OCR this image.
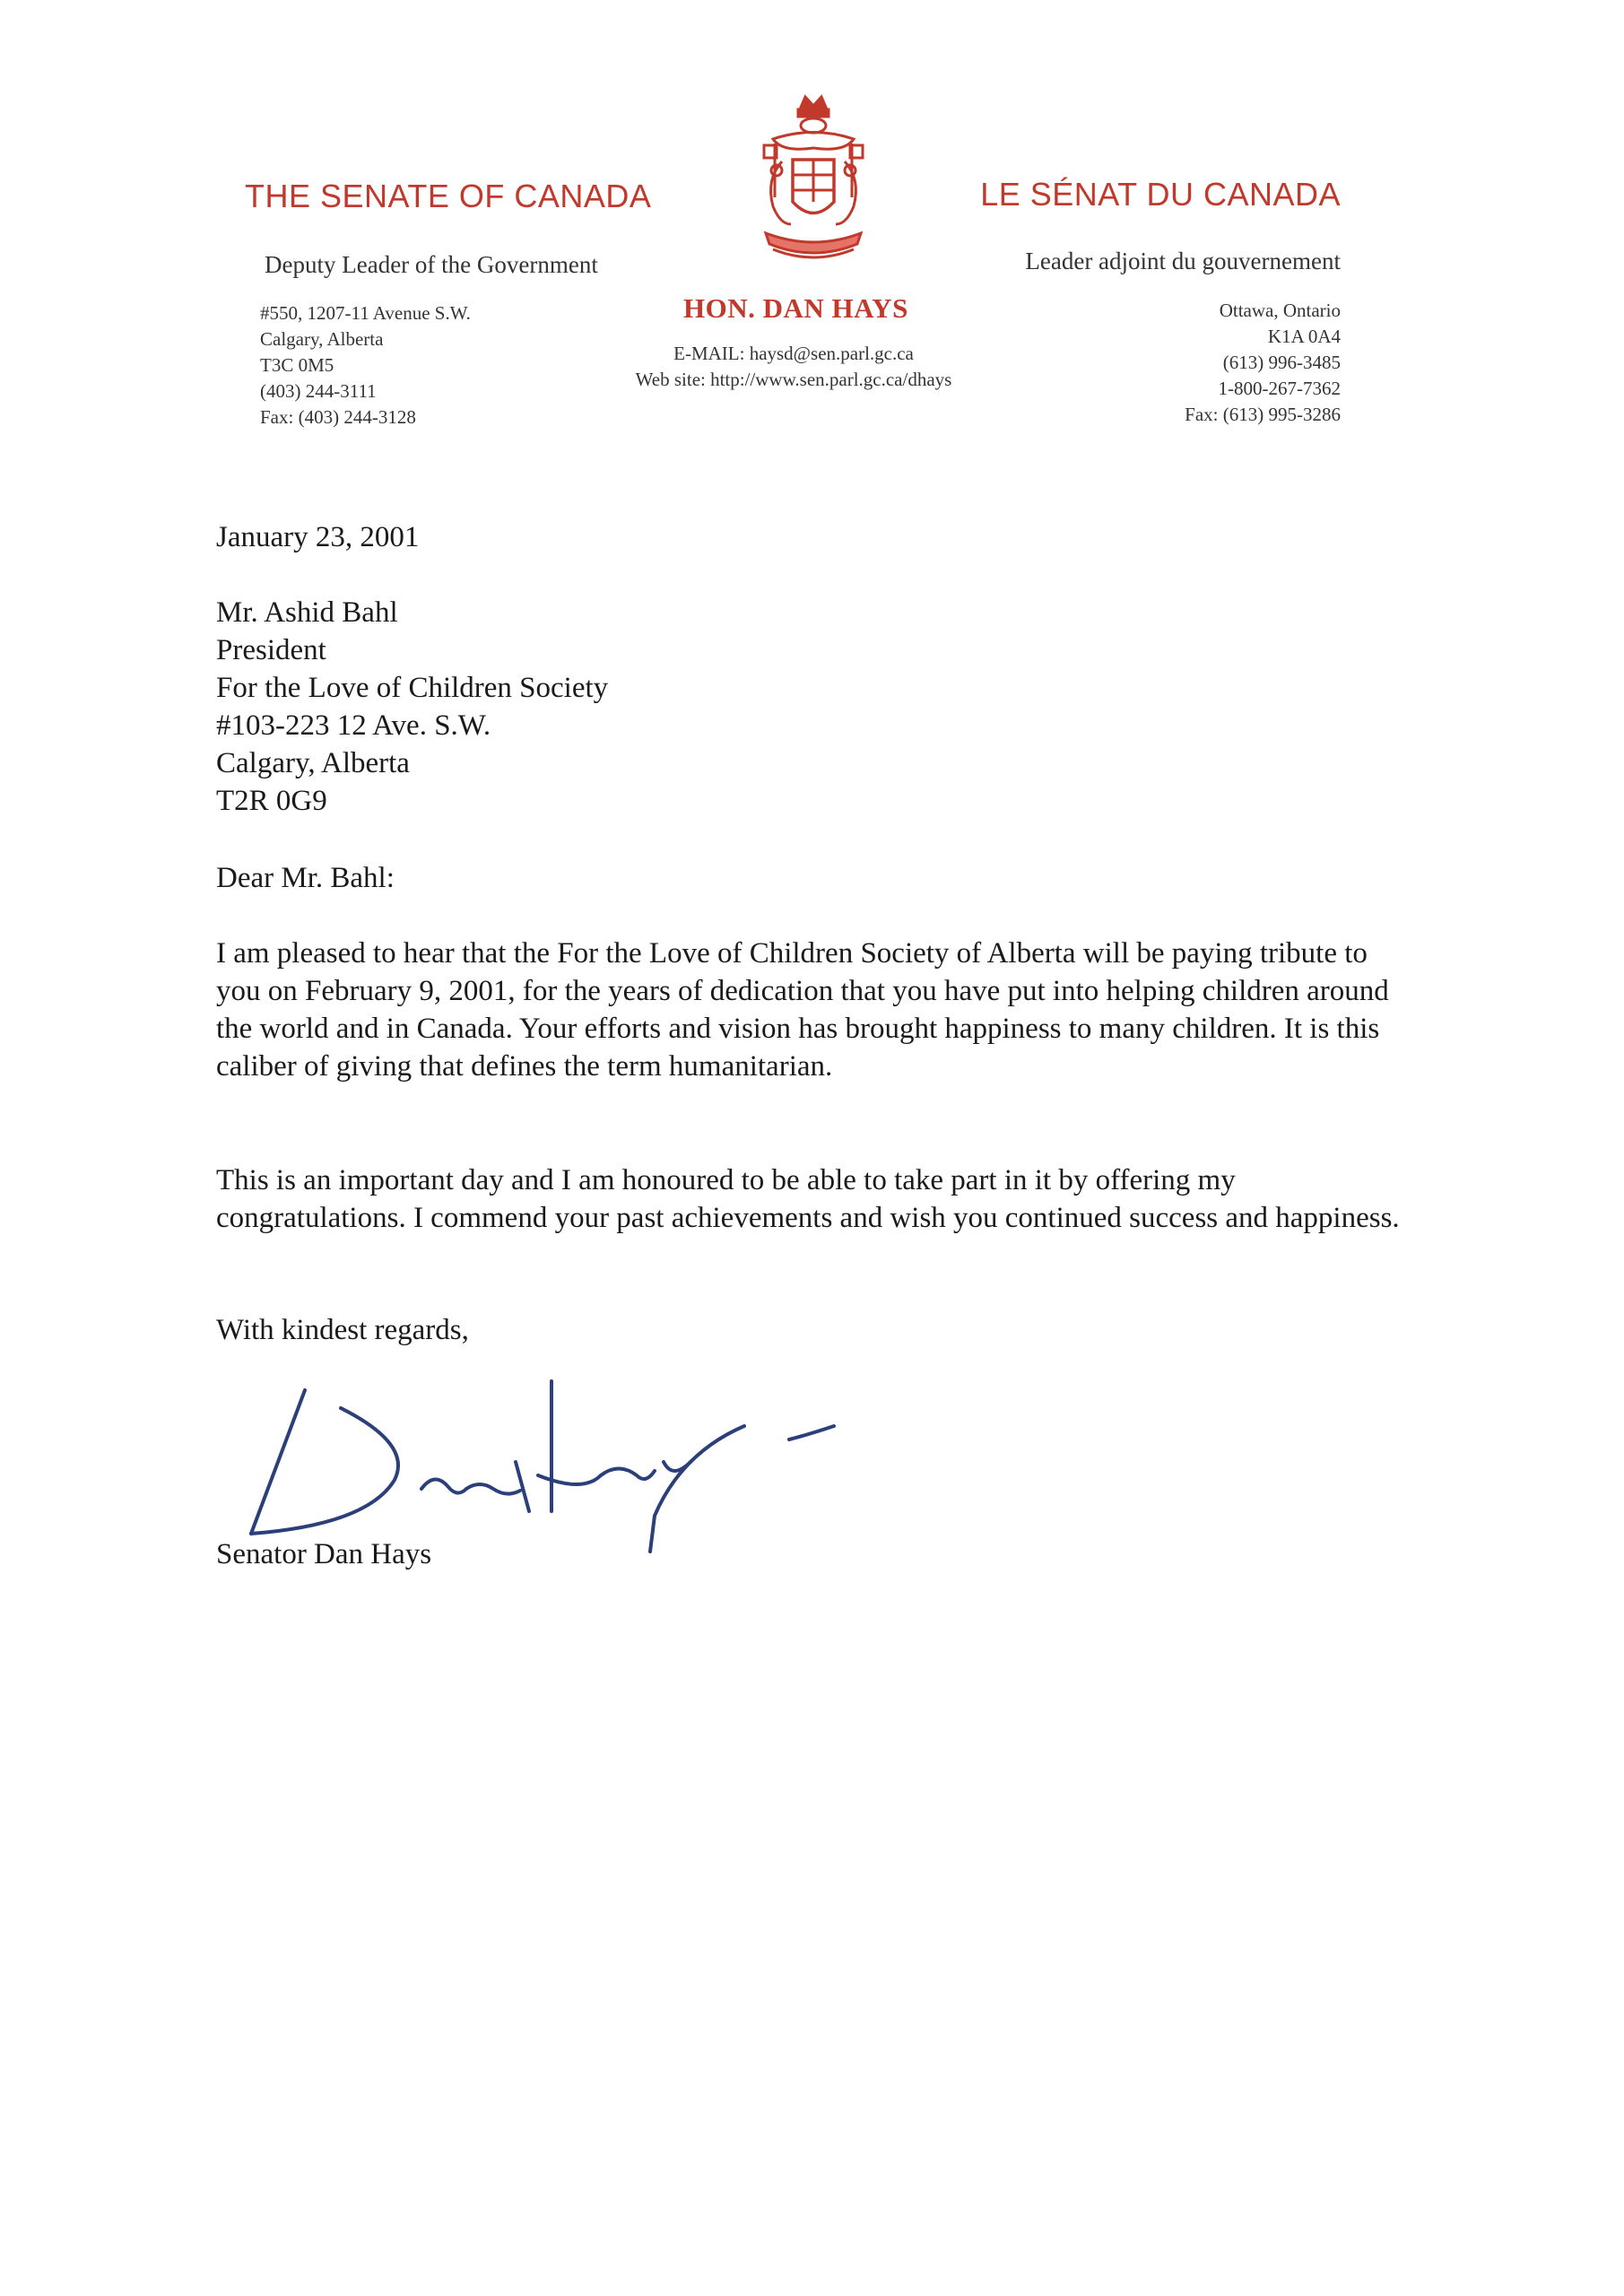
THE SENATE OF CANADA	LE SÉNAT DU CANADA
Deputy Leader of the Government	Leader adjoint du gouvernement
#550, 1207-11 Avenue S.W.
Calgary, Alberta
T3C 0M5
(403) 244-3111
Fax: (403) 244-3128
HON. DAN HAYS
E-MAIL: haysd@sen.parl.gc.ca
Web site: http://www.sen.parl.gc.ca/dhays
Ottawa, Ontario
K1A 0A4
(613) 996-3485
1-800-267-7362
Fax: (613) 995-3286
January 23, 2001
Mr. Ashid Bahl
President
For the Love of Children Society
#103-223 12 Ave. S.W.
Calgary, Alberta
T2R 0G9
Dear Mr. Bahl:

I am pleased to hear that the For the Love of Children Society of Alberta will be paying tribute to you on February 9, 2001, for the years of dedication that you have put into helping children around the world and in Canada. Your efforts and vision has brought happiness to many children. It is this caliber of giving that defines the term humanitarian.

This is an important day and I am honoured to be able to take part in it by offering my congratulations. I commend your past achievements and wish you continued success and happiness.

With kindest regards,
Senator Dan Hays
